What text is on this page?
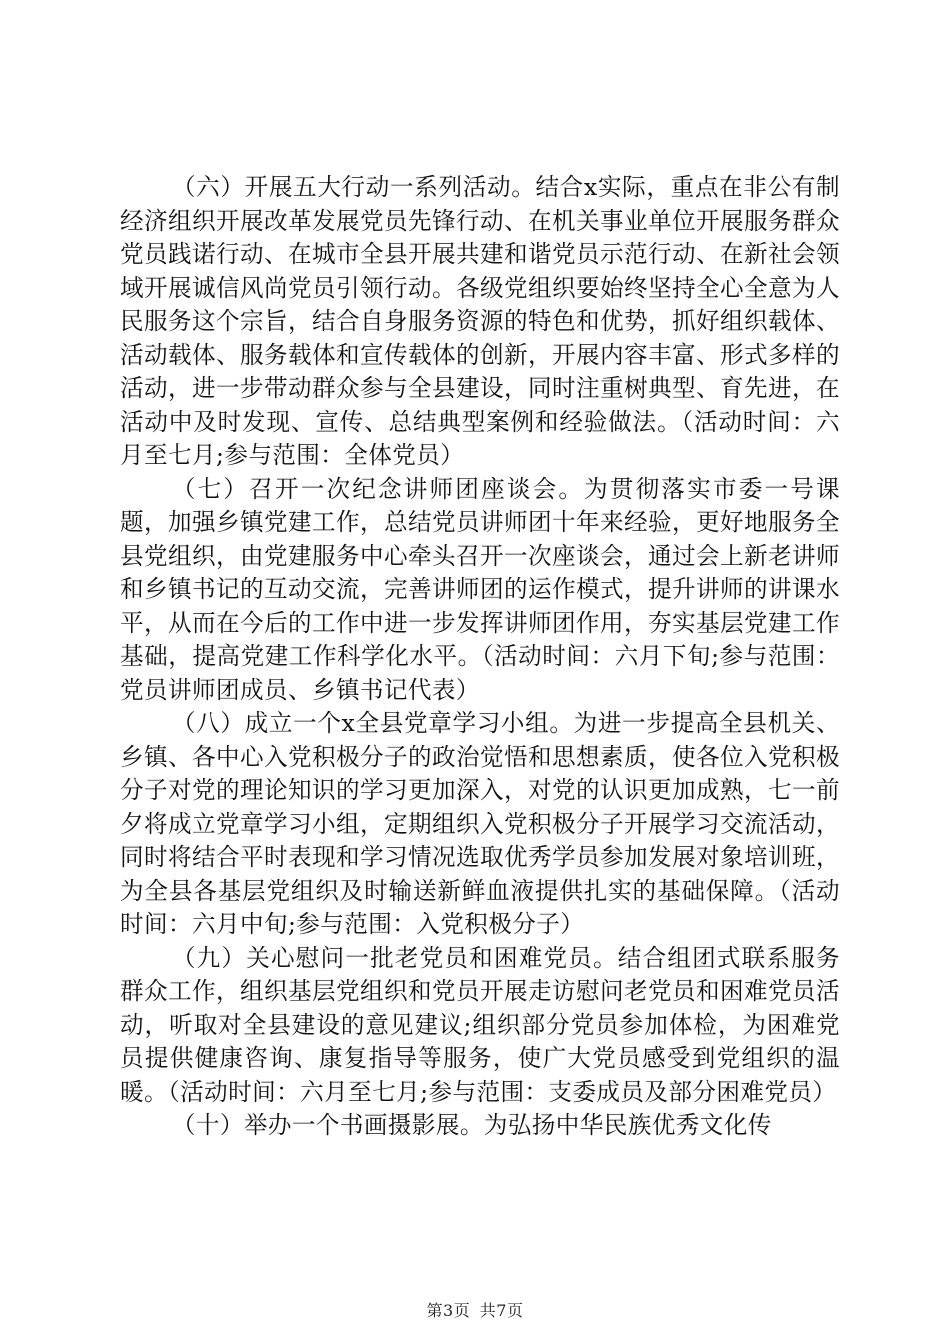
（六）开展五大行动一系列活动。结合x实际，重点在非公有制经济组织开展改革发展党员先锋行动、在机关事业单位开展服务群众党员践诺行动、在城市全县开展共建和谐党员示范行动、在新社会领域开展诚信风尚党员引领行动。各级党组织要始终坚持全心全意为人民服务这个宗旨，结合自身服务资源的特色和优势，抓好组织载体、活动载体、服务载体和宣传载体的创新，开展内容丰富、形式多样的活动，进一步带动群众参与全县建设，同时注重树典型、育先进，在活动中及时发现、宣传、总结典型案例和经验做法。（活动时间：六月至七月;参与范围：全体党员）

（七）召开一次纪念讲师团座谈会。为贯彻落实市委一号课题，加强乡镇党建工作，总结党员讲师团十年来经验，更好地服务全县党组织，由党建服务中心牵头召开一次座谈会，通过会上新老讲师和乡镇书记的互动交流，完善讲师团的运作模式，提升讲师的讲课水平，从而在今后的工作中进一步发挥讲师团作用，夯实基层党建工作基础，提高党建工作科学化水平。（活动时间：六月下旬;参与范围：党员讲师团成员、乡镇书记代表）

（八）成立一个x全县党章学习小组。为进一步提高全县机关、乡镇、各中心入党积极分子的政治觉悟和思想素质，使各位入党积极分子对党的理论知识的学习更加深入，对党的认识更加成熟，七一前夕将成立党章学习小组，定期组织入党积极分子开展学习交流活动，同时将结合平时表现和学习情况选取优秀学员参加发展对象培训班，为全县各基层党组织及时输送新鲜血液提供扎实的基础保障。（活动时间：六月中旬;参与范围：入党积极分子）

（九）关心慰问一批老党员和困难党员。结合组团式联系服务群众工作，组织基层党组织和党员开展走访慰问老党员和困难党员活动，听取对全县建设的意见建议;组织部分党员参加体检，为困难党员提供健康咨询、康复指导等服务，使广大党员感受到党组织的温暖。（活动时间：六月至七月;参与范围：支委成员及部分困难党员）

（十）举办一个书画摄影展。为弘扬中华民族优秀文化传

第3页 共7页
